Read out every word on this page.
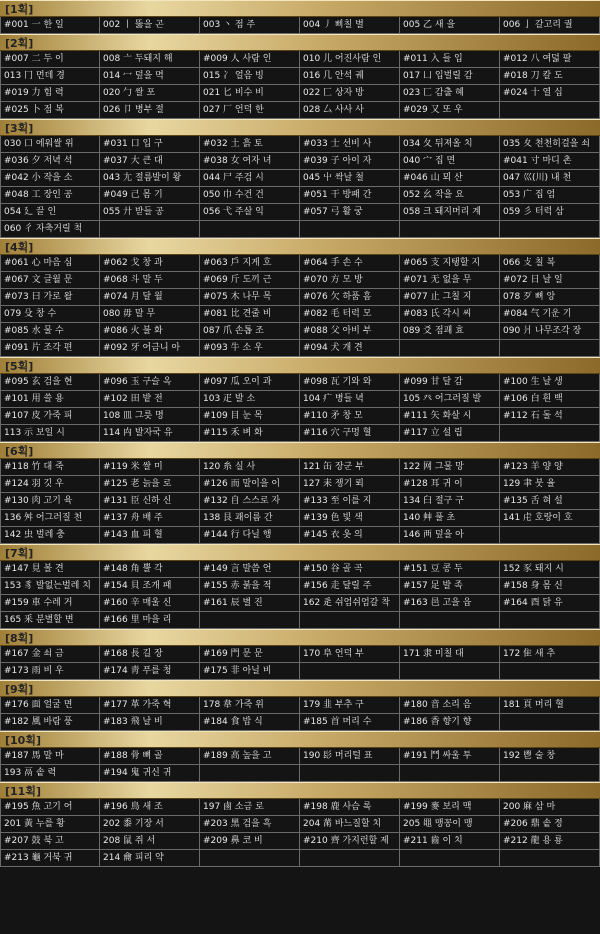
[1획]
#001 一 한 일	002 丨 뚫을 곤	003 丶 점 주	004 丿 삐칠 별	005 乙 새 을	006 亅 갈고리 궐
[2획]
#007 二 두 이	008 亠 두돼지 해	#009 人 사람 인	010 儿 어진사람 인	#011 入 들 입	#012 八 여덟 팔
013 冂 먼데 경	014 冖 덮을 멱	015 冫 얼음 빙	016 几 안석 궤	017 凵 입벌릴 감	#018 刀 칼 도
#019 力 힘 력	020 勹 쌀 포	021 匕 비수 비	022 匚 상자 방	023 匸 감출 혜	#024 十 열 십
#025 卜 점 복	026 卩 병부 절	027 厂 언덕 한	028 厶 사사 사	#029 又 또 우
[3획]
030 口 에워쌀 위	#031 口 입 구	#032 土 흙 토	#033 士 선비 사	034 夂 뒤져올 치	035 夊 천천히걸을 쇠
#036 夕 저녁 석	#037 大 큰 대	#038 女 여자 녀	#039 子 아이 자	040 宀 집 면	#041 寸 마디 촌
#042 小 작을 소	043 尢 절름발이 왕	044 尸 주검 시	045 屮 싹날 철	#046 山 뫼 산	047 巛(川) 내 천
#048 工 장인 공	#049 己 몸 기	050 巾 수건 건	#051 干 방패 간	052 幺 작을 요	053 广 집 엄
054 廴 끌 인	055 廾 받들 공	056 弋 주살 익	#057 弓 활 궁	058 크 돼지머리 계	059 彡 터럭 삼
060 彳 자축거릴 척
[4획]
#061 心 마음 심	#062 戈 창 과	#063 戶 지게 호	#064 手 손 수	#065 支 지탱할 지	066 攴 칠 복
#067 文 글월 문	#068 斗 말 두	#069 斤 도끼 근	#070 方 모 방	#071 无 없을 무	#072 日 날 일
#073 曰 가로 왈	#074 月 달 월	#075 木 나무 목	#076 欠 하품 흠	#077 止 그칠 지	078 歹 뼈 앙
079 殳 창 수	080 毋 말 무	#081 比 견줄 비	#082 毛 터럭 모	#083 氏 각시 씨	#084 气 기운 기
#085 水 물 수	#086 火 불 화	087 爪 손톱 조	#088 父 아비 부	089 爻 점괘 효	090 爿 나무조각 장
#091 片 조각 편	#092 牙 어금니 아	#093 牛 소 우	#094 犬 개 견
[5획]
#095 玄 검을 현	#096 玉 구슬 옥	#097 瓜 오이 과	#098 瓦 기와 와	#099 甘 달 감	#100 生 날 생
#101 用 쓸 용	#102 田 밭 전	103 疋 발 소	104 疒 병들 녁	105 癶 어그러질 발	#106 白 흰 백
#107 皮 가죽 피	108 皿 그릇 명	#109 目 눈 목	#110 矛 창 모	#111 矢 화살 시	#112 石 돌 석
113 示 보일 시	114 禸 발자국 유	#115 禾 벼 화	#116 穴 구멍 혈	#117 立 설 립
[6획]
#118 竹 대 죽	#119 米 쌀 미	120 糸 실 사	121 缶 장군 부	122 网 그물 망	#123 羊 양 양
#124 羽 깃 우	#125 老 늙을 로	#126 而 말이을 이	127 耒 쟁기 뢰	#128 耳 귀 이	129 聿 붓 율
#130 肉 고기 육	#131 臣 신하 신	#132 自 스스로 자	#133 至 이를 지	134 臼 절구 구	#135 舌 혀 설
136 舛 어그러질 천	#137 舟 배 주	138 艮 괘이름 간	#139 色 빛 색	140 艸 풀 초	141 虍 호랑이 호
142 虫 벌레 충	#143 血 피 혈	#144 行 다닐 행	#145 衣 옷 의	146 襾 덮을 아
[7획]
#147 見 볼 견	#148 角 뿔 각	#149 言 말씀 언	#150 谷 골 곡	#151 豆 콩 두	152 豕 돼지 시
153 豸 발없는벌레 치	#154 貝 조개 패	#155 赤 붉을 적	#156 走 달릴 주	#157 足 발 족	#158 身 몸 신
#159 車 수레 거	#160 辛 매울 신	#161 辰 별 진	162 辵 쉬엄쉬엄갈 착	#163 邑 고을 읍	#164 酉 닭 유
165 釆 분별할 변	#166 里 마을 리
[8획]
#167 金 쇠 금	#168 長 길 장	#169 門 문 문	170 阜 언덕 부	171 隶 미칠 대	172 隹 새 추
#173 雨 비 우	#174 靑 푸를 청	#175 非 아닐 비
[9획]
#176 面 얼굴 면	#177 革 가죽 혁	178 韋 가죽 위	179 韭 부추 구	#180 音 소리 음	181 頁 머리 혈
#182 風 바람 풍	#183 飛 날 비	#184 食 밥 식	#185 首 머리 수	#186 香 향기 향
[10획]
#187 馬 말 마	#188 骨 뼈 골	#189 高 높을 고	190 髟 머리털 표	#191 鬥 싸울 투	192 鬯 술 창
193 鬲 솥 력	#194 鬼 귀신 귀
[11획]
#195 魚 고기 어	#196 鳥 새 조	197 鹵 소금 로	#198 鹿 사슴 록	#199 麥 보리 맥	200 麻 삼 마
201 黃 누를 황	202 黍 기장 서	#203 黑 검을 흑	204 黹 바느질할 치	205 黽 맹꽁이 맹	#206 鼎 솥 정
#207 鼓 북 고	208 鼠 쥐 서	#209 鼻 코 비	#210 齊 가지런할 제	#211 齒 이 치	#212 龍 용 룡
#213 龜 거북 귀	214 龠 피리 약
